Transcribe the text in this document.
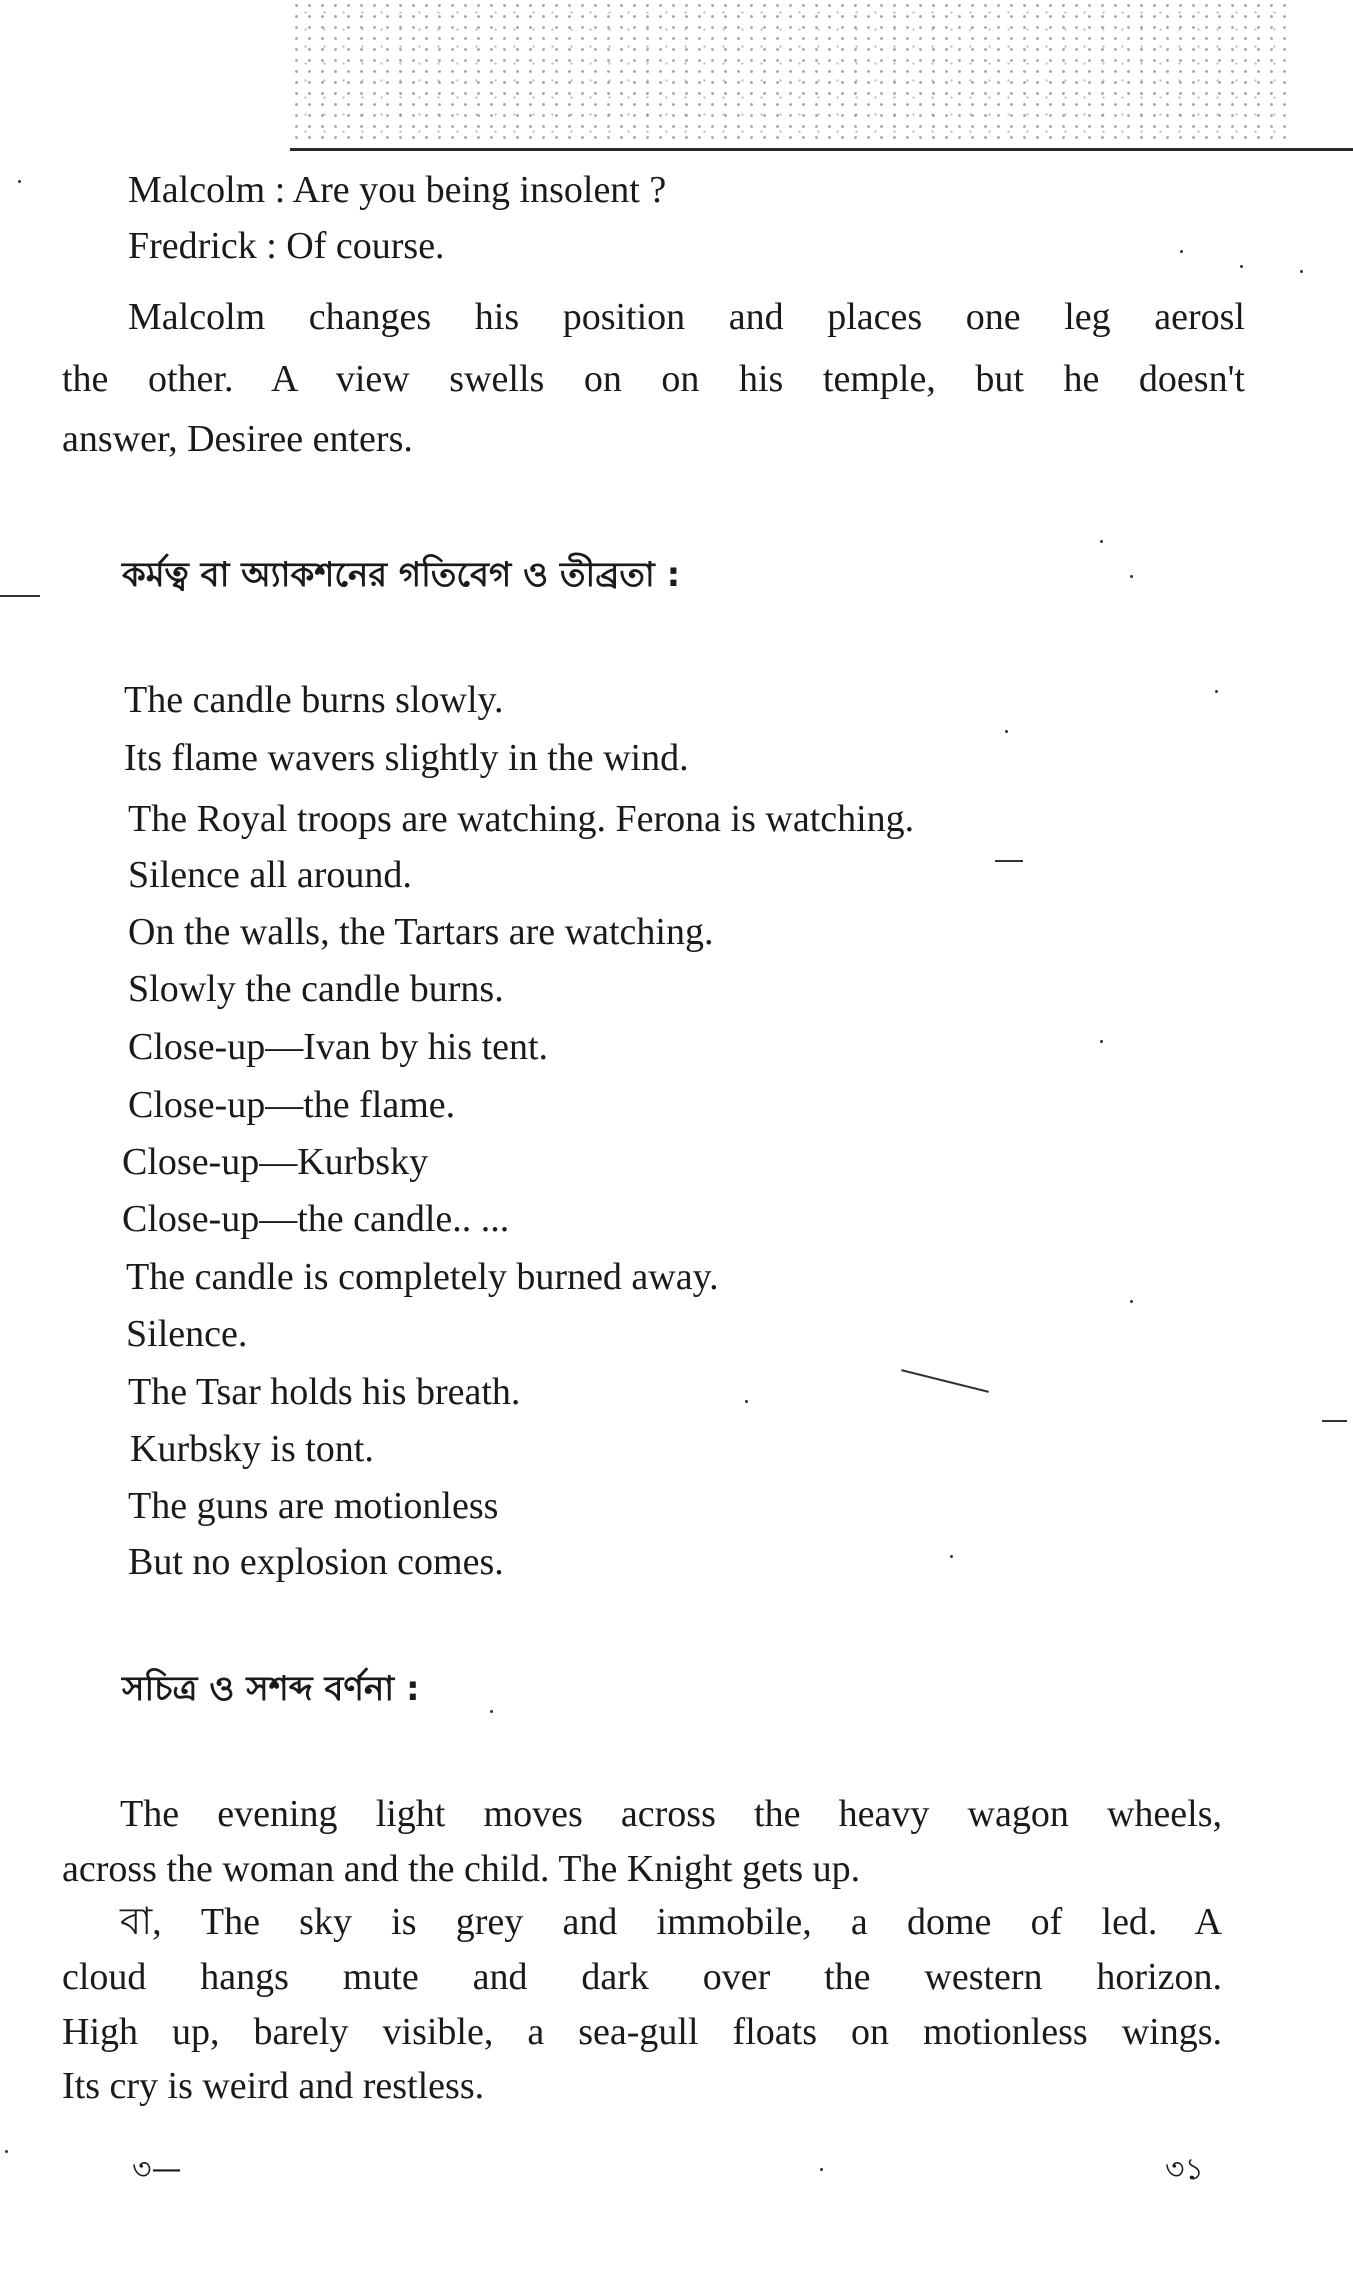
Malcolm : Are you being insolent ?
Fredrick : Of course.
Malcolm changes his position and places one leg aerosl
the other. A view swells on on his temple, but he doesn't
answer, Desiree enters.
কর্মত্ব বা অ্যাকশনের গতিবেগ ও তীব্রতা :
The candle burns slowly.
Its flame wavers slightly in the wind.
The Royal troops are watching. Ferona is watching.
Silence all around.
On the walls, the Tartars are watching.
Slowly the candle burns.
Close-up—Ivan by his tent.
Close-up—the flame.
Close-up—Kurbsky
Close-up—the candle.. ...
The candle is completely burned away.
Silence.
The Tsar holds his breath.
Kurbsky is tont.
The guns are motionless
But no explosion comes.
সচিত্র ও সশব্দ বর্ণনা :
The evening light moves across the heavy wagon wheels,
across the woman and the child. The Knight gets up.
বা, The sky is grey and immobile, a dome of led. A
cloud hangs mute and dark over the western horizon.
High up, barely visible, a sea-gull floats on motionless wings.
Its cry is weird and restless.
৩—	৩১
